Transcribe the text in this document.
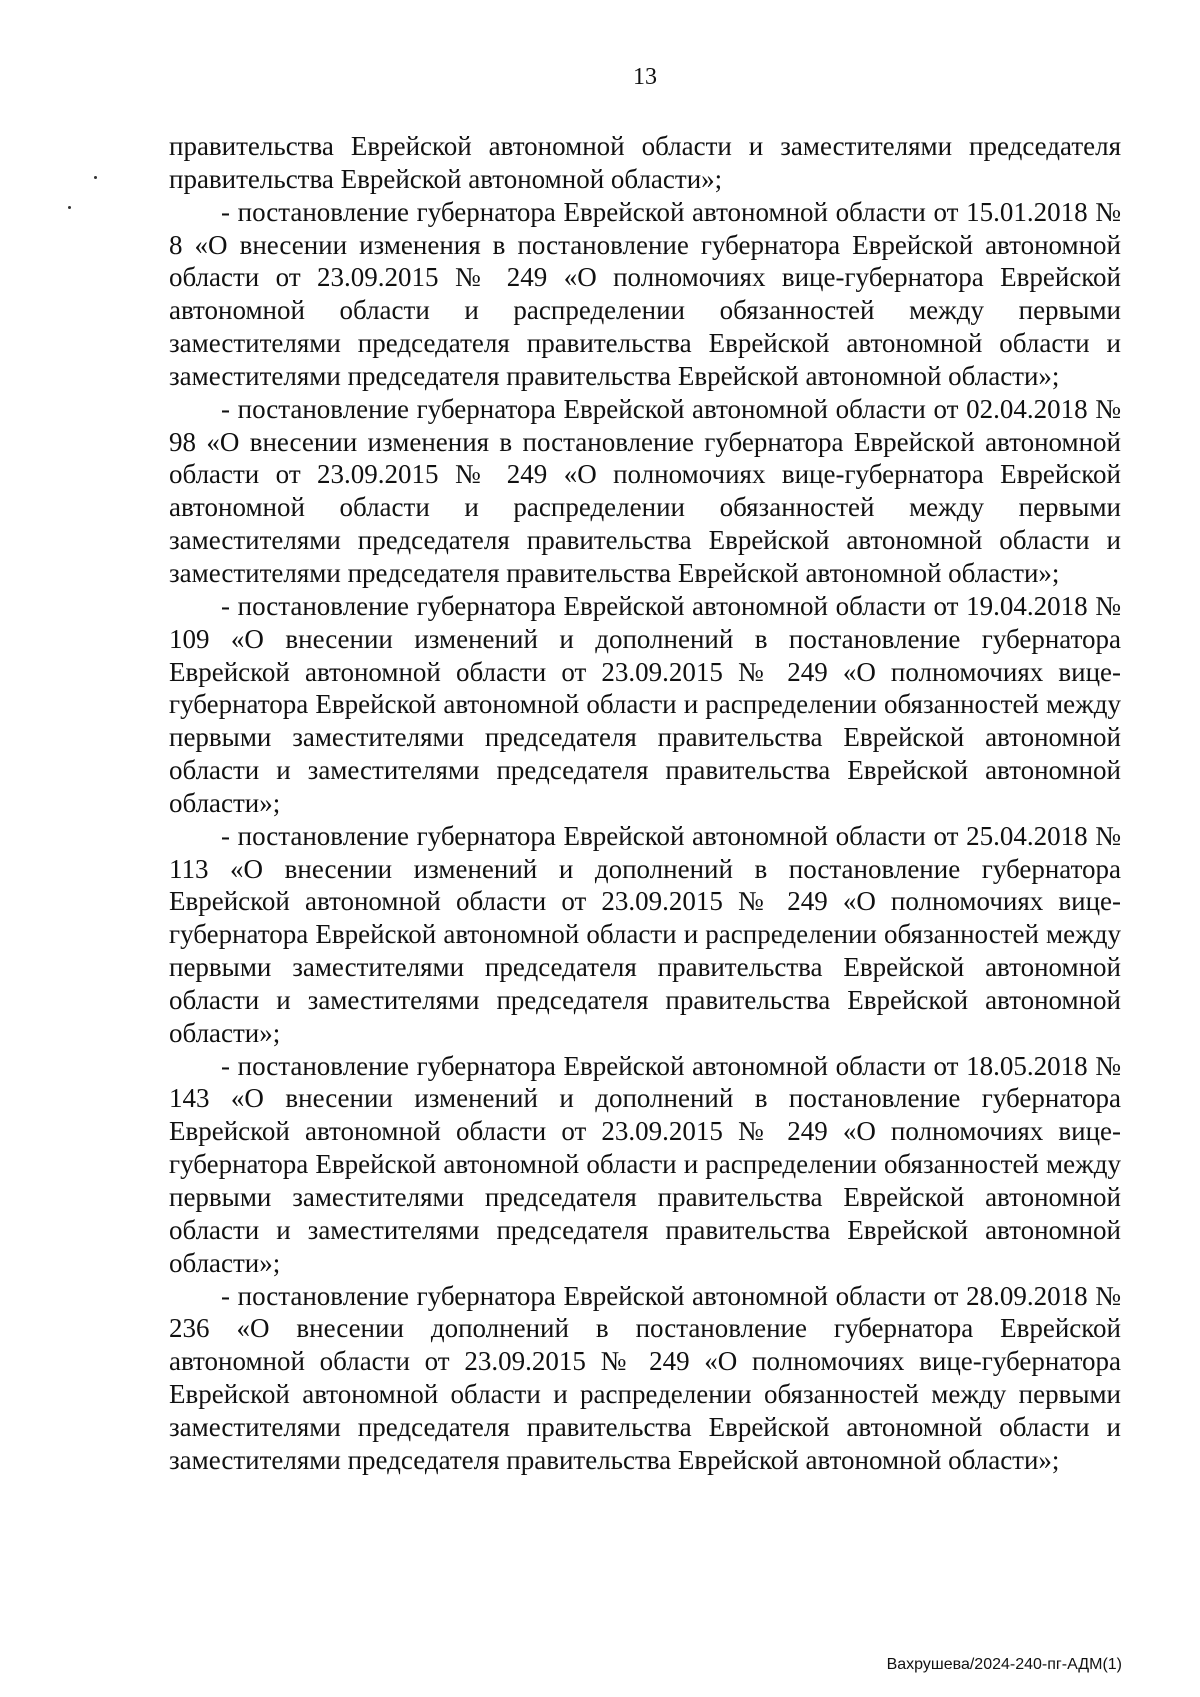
13

правительства Еврейской автономной области и заместителями председателя правительства Еврейской автономной области»;

- постановление губернатора Еврейской автономной области от 15.01.2018 № 8 «О внесении изменения в постановление губернатора Еврейской автономной области от 23.09.2015 № 249 «О полномочиях вице-губернатора Еврейской автономной области и распределении обязанностей между первыми заместителями председателя правительства Еврейской автономной области и заместителями председателя правительства Еврейской автономной области»;

- постановление губернатора Еврейской автономной области от 02.04.2018 № 98 «О внесении изменения в постановление губернатора Еврейской автономной области от 23.09.2015 № 249 «О полномочиях вице-губернатора Еврейской автономной области и распределении обязанностей между первыми заместителями председателя правительства Еврейской автономной области и заместителями председателя правительства Еврейской автономной области»;

- постановление губернатора Еврейской автономной области от 19.04.2018 № 109 «О внесении изменений и дополнений в постановление губернатора Еврейской автономной области от 23.09.2015 № 249 «О полномочиях вице-губернатора Еврейской автономной области и распределении обязанностей между первыми заместителями председателя правительства Еврейской автономной области и заместителями председателя правительства Еврейской автономной области»;

- постановление губернатора Еврейской автономной области от 25.04.2018 № 113 «О внесении изменений и дополнений в постановление губернатора Еврейской автономной области от 23.09.2015 № 249 «О полномочиях вице-губернатора Еврейской автономной области и распределении обязанностей между первыми заместителями председателя правительства Еврейской автономной области и заместителями председателя правительства Еврейской автономной области»;

- постановление губернатора Еврейской автономной области от 18.05.2018 № 143 «О внесении изменений и дополнений в постановление губернатора Еврейской автономной области от 23.09.2015 № 249 «О полномочиях вице-губернатора Еврейской автономной области и распределении обязанностей между первыми заместителями председателя правительства Еврейской автономной области и заместителями председателя правительства Еврейской автономной области»;

- постановление губернатора Еврейской автономной области от 28.09.2018 № 236 «О внесении дополнений в постановление губернатора Еврейской автономной области от 23.09.2015 № 249 «О полномочиях вице-губернатора Еврейской автономной области и распределении обязанностей между первыми заместителями председателя правительства Еврейской автономной области и заместителями председателя правительства Еврейской автономной области»;

Вахрушева/2024-240-пг-АДМ(1)
